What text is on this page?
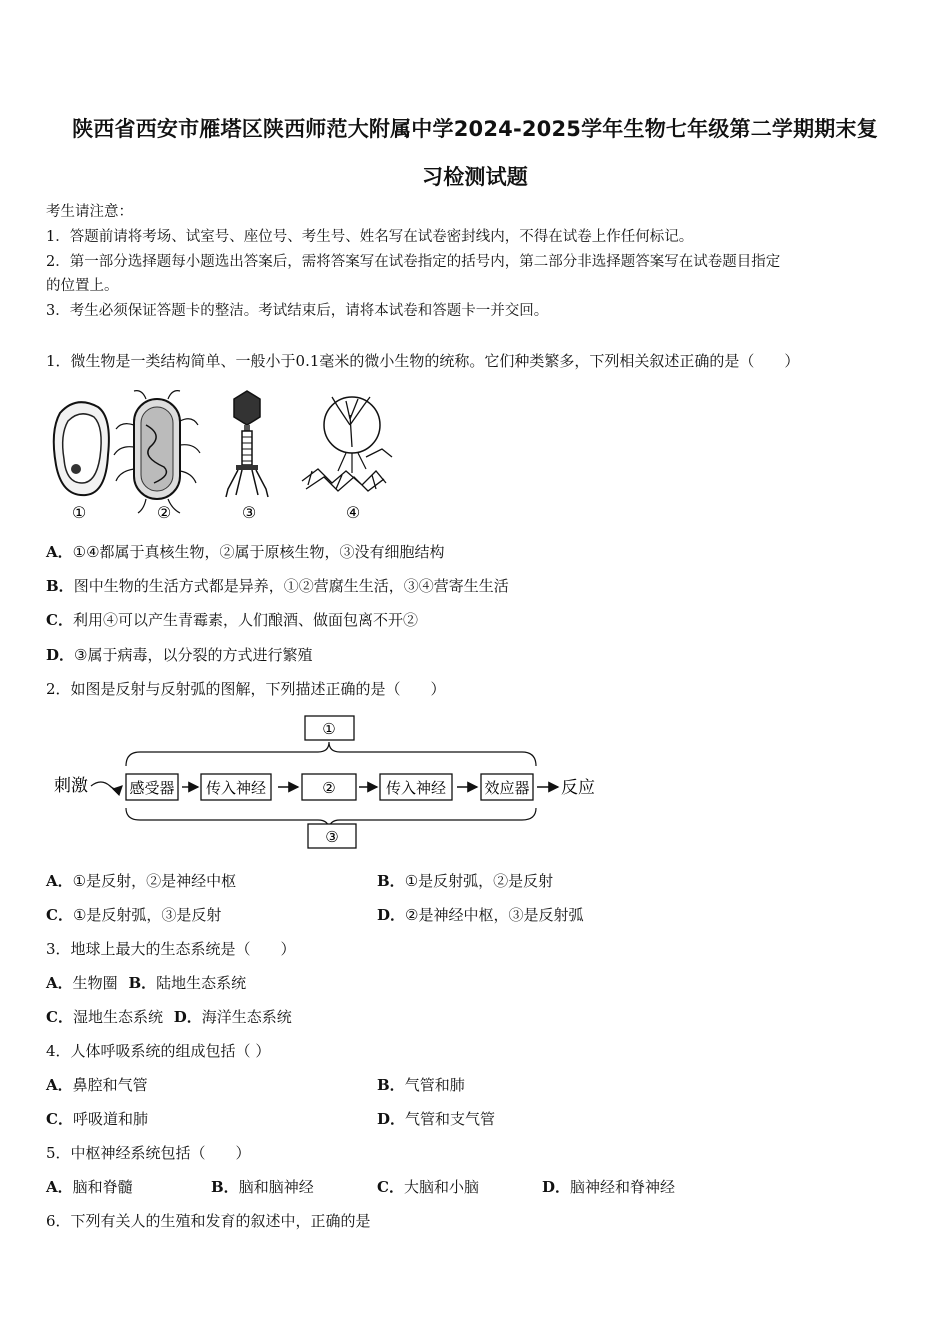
陕西省西安市雁塔区陕西师范大附属中学2024-2025学年生物七年级第二学期期末复
习检测试题
考生请注意：
1．答题前请将考场、试室号、座位号、考生号、姓名写在试卷密封线内，不得在试卷上作任何标记。
2．第一部分选择题每小题选出答案后，需将答案写在试卷指定的括号内，第二部分非选择题答案写在试卷题目指定
的位置上。
3．考生必须保证答题卡的整洁。考试结束后，请将本试卷和答题卡一并交回。
1．微生物是一类结构简单、一般小于0.1毫米的微小生物的统称。它们种类繁多，下列相关叙述正确的是（　　）
①	②	③	④
A．①④都属于真核生物，②属于原核生物，③没有细胞结构
B．图中生物的生活方式都是异养，①②营腐生生活，③④营寄生生活
C．利用④可以产生青霉素，人们酿酒、做面包离不开②
D．③属于病毒，以分裂的方式进行繁殖
2．如图是反射与反射弧的图解，下列描述正确的是（　　）
①
刺激	感受器 传入神经	②	传入神经	效应器 反应
③
A．①是反射，②是神经中枢	B．①是反射弧，②是反射
C．①是反射弧，③是反射	D．②是神经中枢，③是反射弧
3．地球上最大的生态系统是（　　）
A．生物圈 B．陆地生态系统
C．湿地生态系统 D．海洋生态系统
4．人体呼吸系统的组成包括（ ）
A．鼻腔和气管	B．气管和肺
C．呼吸道和肺	D．气管和支气管
5．中枢神经系统包括（　　）
A．脑和脊髓	B．脑和脑神经	C．大脑和小脑	D．脑神经和脊神经
6．下列有关人的生殖和发育的叙述中，正确的是
